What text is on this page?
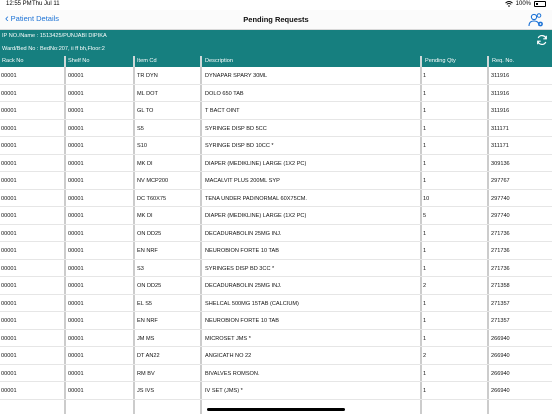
12:55 PM Thu Jul 11	100%
‹ Patient Details	Pending Requests
IP NO./Name : 1513425/PUNJABI DIPIKA
Ward/Bed No : BedNo:207, ii ff bh,Floor:2
Rack No	Shelf No	Item Cd	Description	Pending Qty	Req. No.
00001	00001	TR DYN	DYNAPAR SPARY 30ML	1	311916
00001	00001	ML DOT	DOLO 650 TAB	1	311916
00001	00001	GL TO	T BACT OINT	1	311916
00001	00001	S5	SYRINGE DISP BD 5CC	1	311171
00001	00001	S10	SYRINGE DISP BD 10CC *	1	311171
00001	00001	MK DI	DIAPER (MEDIKLINE) LARGE (1X2 PC)	1	309136
00001	00001	NV MCP200	MACALVIT PLUS 200ML SYP	1	297767
00001	00001	DC T60X75	TENA UNDER PAD/NORMAL 60X75CM.	10	297740
00001	00001	MK DI	DIAPER (MEDIKLINE) LARGE (1X2 PC)	5	297740
00001	00001	ON DD25	DECADURABOLIN 25MG INJ.	1	271736
00001	00001	EN NRF	NEUROBION FORTE 10 TAB	1	271736
00001	00001	S3	SYRINGES DISP BD 3CC *	1	271736
00001	00001	ON DD25	DECADURABOLIN 25MG INJ.	2	271358
00001	00001	EL S5	SHELCAL 500MG 15TAB (CALCIUM)	1	271357
00001	00001	EN NRF	NEUROBION FORTE 10 TAB	1	271357
00001	00001	JM MS	MICROSET JMS *	1	266940
00001	00001	DT AN22	ANGICATH NO 22	2	266940
00001	00001	RM BV	BIVALVES ROMSON.	1	266940
00001	00001	JS IVS	IV SET (JMS) *	1	266940
